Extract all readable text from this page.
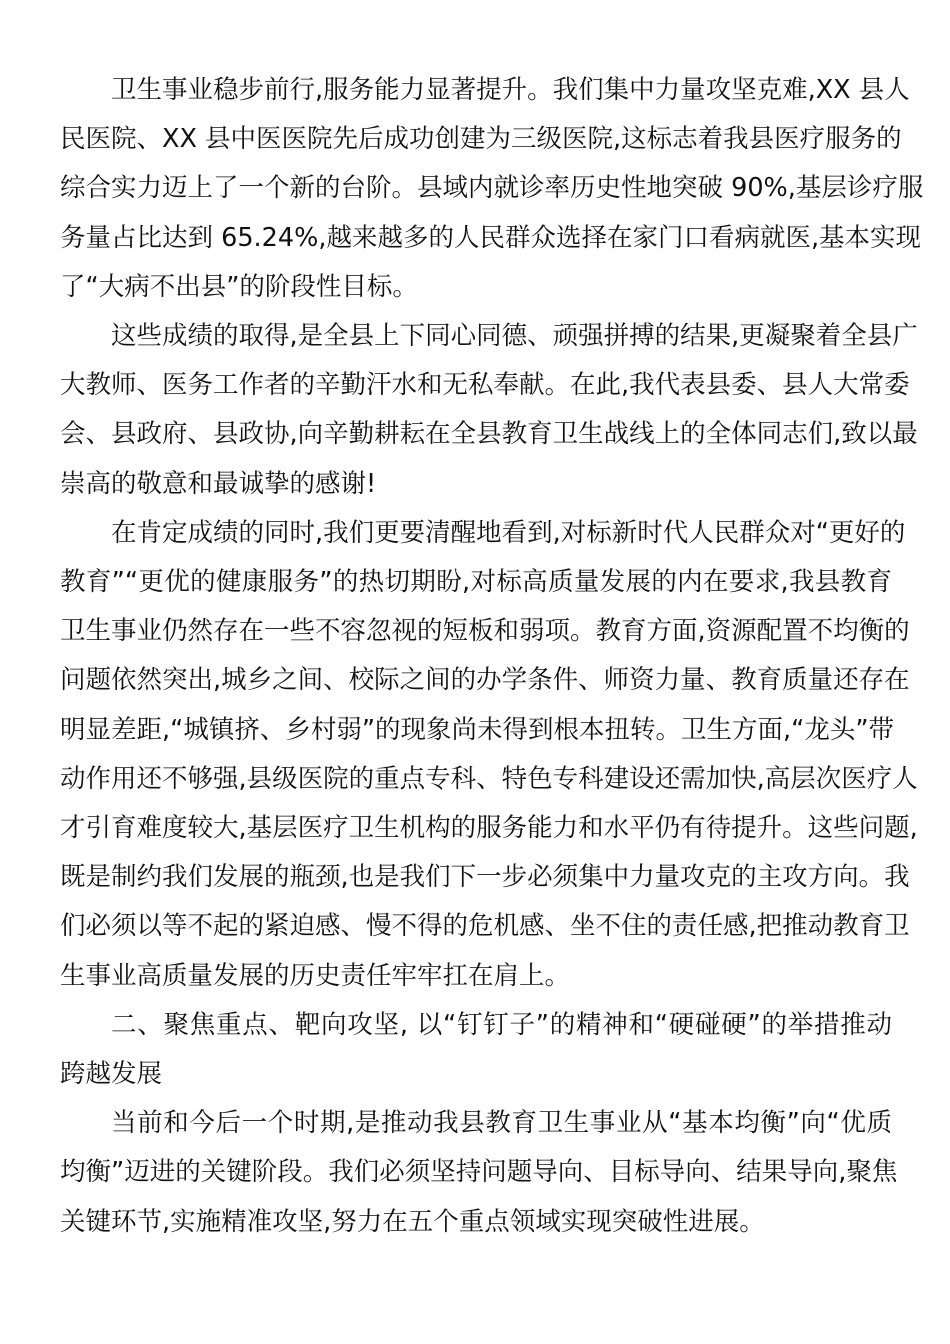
卫生事业稳步前行,服务能力显著提升。我们集中力量攻坚克难,XX 县人
民医院、XX 县中医医院先后成功创建为三级医院,这标志着我县医疗服务的
综合实力迈上了一个新的台阶。县域内就诊率历史性地突破 90%,基层诊疗服
务量占比达到 65.24%,越来越多的人民群众选择在家门口看病就医,基本实现
了“大病不出县”的阶段性目标。
这些成绩的取得,是全县上下同心同德、顽强拼搏的结果,更凝聚着全县广
大教师、医务工作者的辛勤汗水和无私奉献。在此,我代表县委、县人大常委
会、县政府、县政协,向辛勤耕耘在全县教育卫生战线上的全体同志们,致以最
崇高的敬意和最诚挚的感谢!
在肯定成绩的同时,我们更要清醒地看到,对标新时代人民群众对“更好的
教育”“更优的健康服务”的热切期盼,对标高质量发展的内在要求,我县教育
卫生事业仍然存在一些不容忽视的短板和弱项。教育方面,资源配置不均衡的
问题依然突出,城乡之间、校际之间的办学条件、师资力量、教育质量还存在
明显差距,“城镇挤、乡村弱”的现象尚未得到根本扭转。卫生方面,“龙头”带
动作用还不够强,县级医院的重点专科、特色专科建设还需加快,高层次医疗人
才引育难度较大,基层医疗卫生机构的服务能力和水平仍有待提升。这些问题,
既是制约我们发展的瓶颈,也是我们下一步必须集中力量攻克的主攻方向。我
们必须以等不起的紧迫感、慢不得的危机感、坐不住的责任感,把推动教育卫
生事业高质量发展的历史责任牢牢扛在肩上。
二、聚焦重点、靶向攻坚, 以“钉钉子”的精神和“硬碰硬”的举措推动
跨越发展
当前和今后一个时期,是推动我县教育卫生事业从“基本均衡”向“优质
均衡”迈进的关键阶段。我们必须坚持问题导向、目标导向、结果导向,聚焦
关键环节,实施精准攻坚,努力在五个重点领域实现突破性进展。
